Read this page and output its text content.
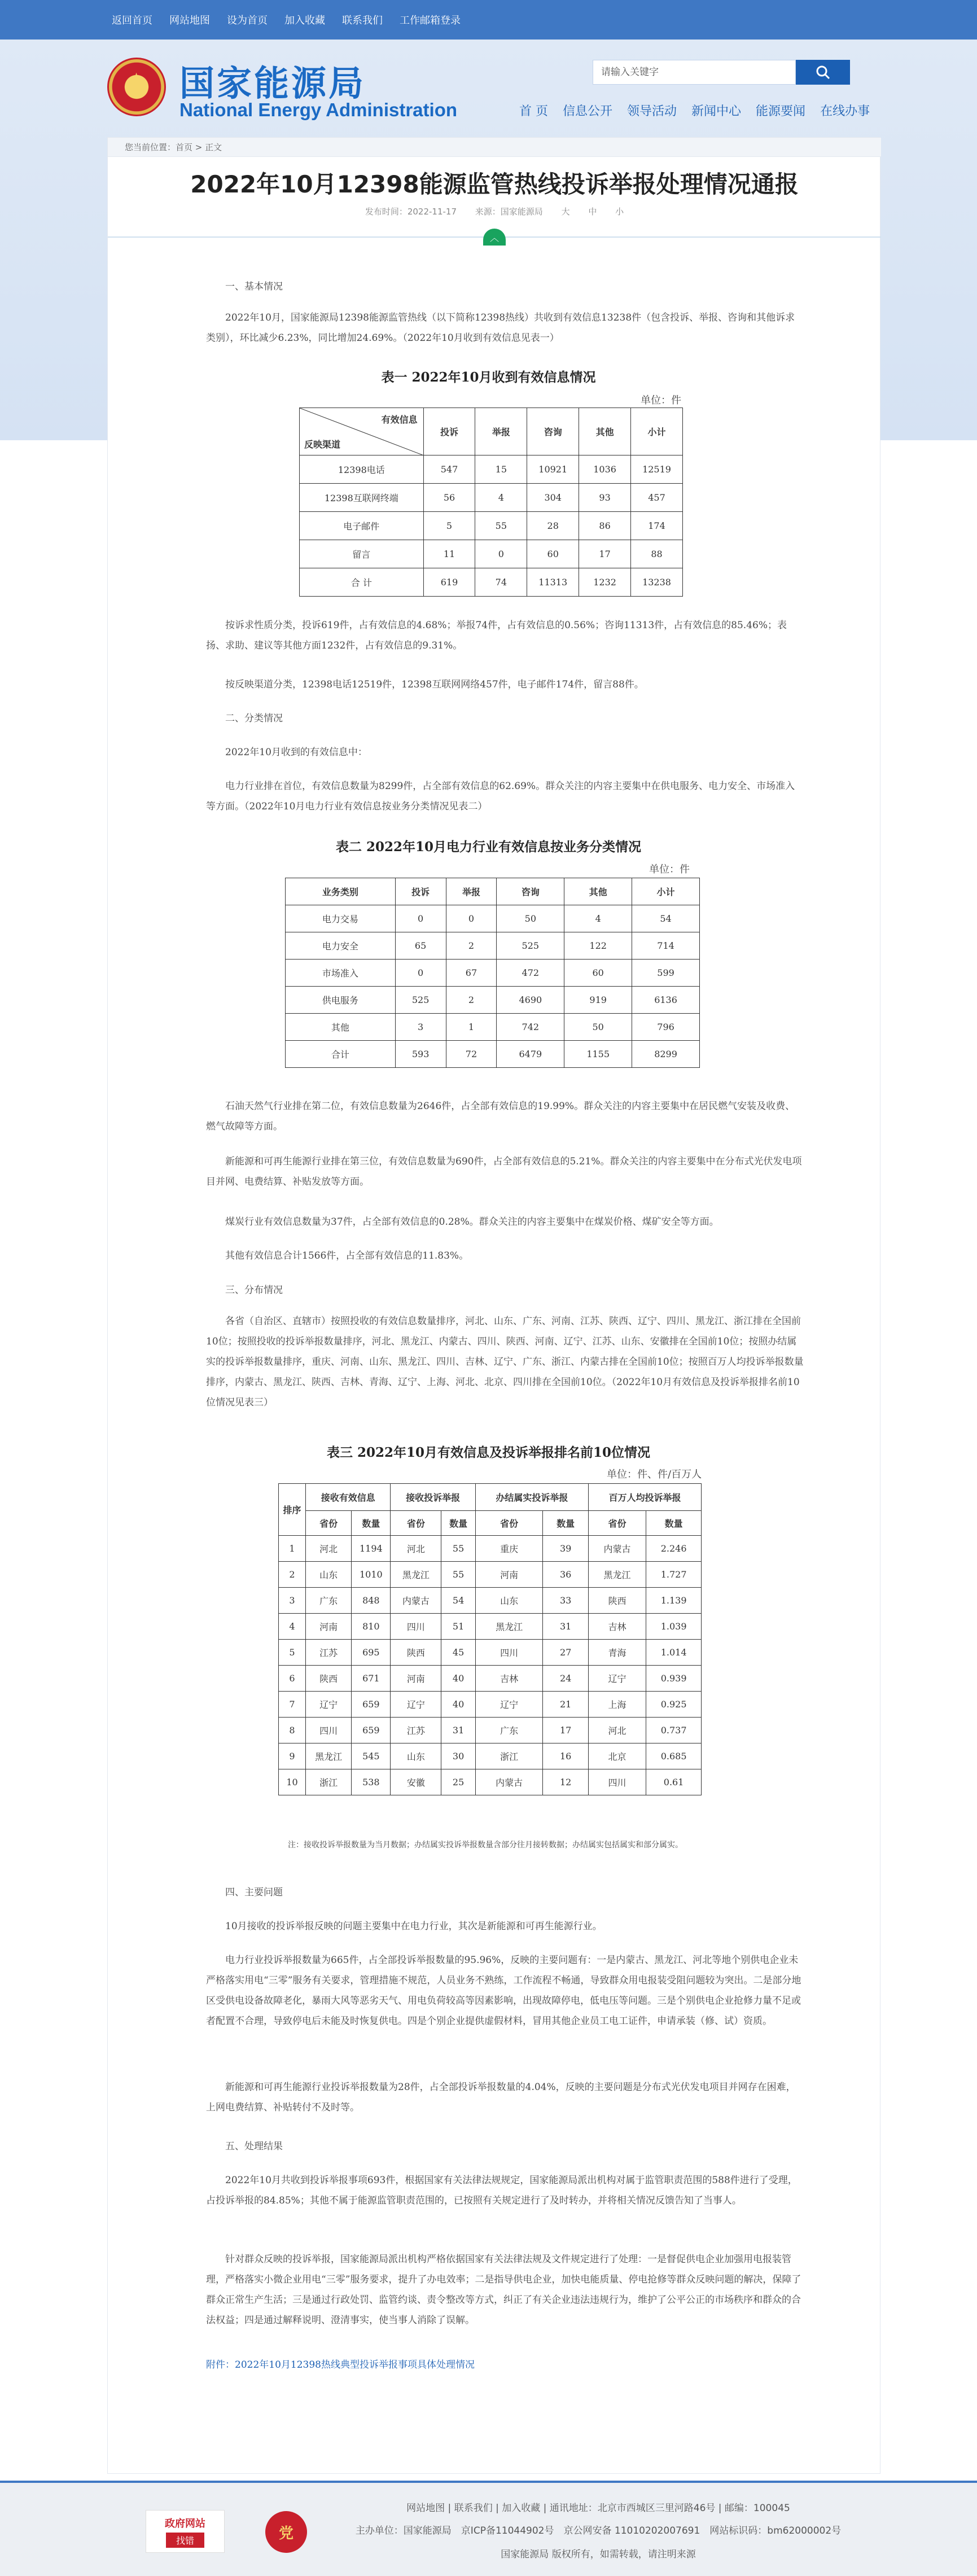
返回首页 网站地图 设为首页 加入收藏 联系我们 工作邮箱登录
★ 国家能源局
National Energy Administration
请输入关键字
首 页 信息公开 领导活动 新闻中心 能源要闻 在线办事
您当前位置：首页 > 正文
2022年10月12398能源监管热线投诉举报处理情况通报
发布时间：2022-11-17 来源：国家能源局 大 中 小
︿
一、基本情况
2022年10月，国家能源局12398能源监管热线（以下简称12398热线）共收到有效信息13238件（包含投诉、举报、咨询和其他诉求类别），环比减少6.23%，同比增加24.69%。（2022年10月收到有效信息见表一）
表一 2022年10月收到有效信息情况
单位：件
有效信息
反映渠道	投诉	举报	咨询	其他	小计
12398电话	547	15	10921	1036	12519
12398互联网终端	56	4	304	93	457
电子邮件	5	55	28	86	174
留言	11	0	60	17	88
合 计	619	74	11313	1232	13238
按诉求性质分类，投诉619件，占有效信息的4.68%；举报74件，占有效信息的0.56%；咨询11313件，占有效信息的85.46%；表扬、求助、建议等其他方面1232件，占有效信息的9.31%。
按反映渠道分类，12398电话12519件，12398互联网网络457件，电子邮件174件，留言88件。
二、分类情况
2022年10月收到的有效信息中：
电力行业排在首位，有效信息数量为8299件，占全部有效信息的62.69%。群众关注的内容主要集中在供电服务、电力安全、市场准入等方面。（2022年10月电力行业有效信息按业务分类情况见表二）
表二 2022年10月电力行业有效信息按业务分类情况
单位：件
业务类别	投诉	举报	咨询	其他	小计
电力交易	0	0	50	4	54
电力安全	65	2	525	122	714
市场准入	0	67	472	60	599
供电服务	525	2	4690	919	6136
其他	3	1	742	50	796
合计	593	72	6479	1155	8299
石油天然气行业排在第二位，有效信息数量为2646件，占全部有效信息的19.99%。群众关注的内容主要集中在居民燃气安装及收费、燃气故障等方面。
新能源和可再生能源行业排在第三位，有效信息数量为690件，占全部有效信息的5.21%。群众关注的内容主要集中在分布式光伏发电项目并网、电费结算、补贴发放等方面。
煤炭行业有效信息数量为37件，占全部有效信息的0.28%。群众关注的内容主要集中在煤炭价格、煤矿安全等方面。
其他有效信息合计1566件，占全部有效信息的11.83%。
三、分布情况
各省（自治区、直辖市）按照投收的有效信息数量排序，河北、山东、广东、河南、江苏、陕西、辽宁、四川、黑龙江、浙江排在全国前10位；按照投收的投诉举报数量排序，河北、黑龙江、内蒙古、四川、陕西、河南、辽宁、江苏、山东、安徽排在全国前10位；按照办结属实的投诉举报数量排序，重庆、河南、山东、黑龙江、四川、吉林、辽宁、广东、浙江、内蒙古排在全国前10位；按照百万人均投诉举报数量排序，内蒙古、黑龙江、陕西、吉林、青海、辽宁、上海、河北、北京、四川排在全国前10位。（2022年10月有效信息及投诉举报排名前10位情况见表三）
表三 2022年10月有效信息及投诉举报排名前10位情况
单位：件、件/百万人
排序	接收有效信息		接收投诉举报		办结属实投诉举报		百万人均投诉举报	
	省份	数量	省份	数量	省份	数量	省份	数量
1	河北	1194	河北	55	重庆	39	内蒙古	2.246
2	山东	1010	黑龙江	55	河南	36	黑龙江	1.727
3	广东	848	内蒙古	54	山东	33	陕西	1.139
4	河南	810	四川	51	黑龙江	31	吉林	1.039
5	江苏	695	陕西	45	四川	27	青海	1.014
6	陕西	671	河南	40	吉林	24	辽宁	0.939
7	辽宁	659	辽宁	40	辽宁	21	上海	0.925
8	四川	659	江苏	31	广东	17	河北	0.737
9	黑龙江	545	山东	30	浙江	16	北京	0.685
10	浙江	538	安徽	25	内蒙古	12	四川	0.61
注：接收投诉举报数量为当月数据；办结属实投诉举报数量含部分往月接转数据；办结属实包括属实和部分属实。
四、主要问题
10月接收的投诉举报反映的问题主要集中在电力行业，其次是新能源和可再生能源行业。
电力行业投诉举报数量为665件，占全部投诉举报数量的95.96%，反映的主要问题有：一是内蒙古、黑龙江、河北等地个别供电企业未严格落实用电“三零”服务有关要求，管理措施不规范，人员业务不熟练，工作流程不畅通，导致群众用电报装受阻问题较为突出。二是部分地区受供电设备故障老化，暴雨大风等恶劣天气、用电负荷较高等因素影响，出现故障停电，低电压等问题。三是个别供电企业抢修力量不足或者配置不合理，导致停电后未能及时恢复供电。四是个别企业提供虚假材料，冒用其他企业员工电工证件，申请承装（修、试）资质。
新能源和可再生能源行业投诉举报数量为28件，占全部投诉举报数量的4.04%，反映的主要问题是分布式光伏发电项目并网存在困难，上网电费结算、补贴转付不及时等。
五、处理结果
2022年10月共收到投诉举报事项693件，根据国家有关法律法规规定，国家能源局派出机构对属于监管职责范围的588件进行了受理，占投诉举报的84.85%；其他不属于能源监管职责范围的，已按照有关规定进行了及时转办，并将相关情况反馈告知了当事人。
针对群众反映的投诉举报，国家能源局派出机构严格依据国家有关法律法规及文件规定进行了处理：一是督促供电企业加强用电报装管理，严格落实小微企业用电“三零”服务要求，提升了办电效率；二是指导供电企业，加快电能质量、停电抢修等群众反映问题的解决，保障了群众正常生产生活；三是通过行政处罚、监管约谈、责令整改等方式，纠正了有关企业违法违规行为，维护了公平公正的市场秩序和群众的合法权益；四是通过解释说明、澄清事实，使当事人消除了误解。
附件：2022年10月12398热线典型投诉举报事项具体处理情况
政府网站
找错	党
网站地图 | 联系我们 | 加入收藏 | 通讯地址：北京市西城区三里河路46号 | 邮编：100045
主办单位：国家能源局　京ICP备11044902号　京公网安备 11010202007691　网站标识码：bm62000002号
国家能源局 版权所有，如需转载，请注明来源
